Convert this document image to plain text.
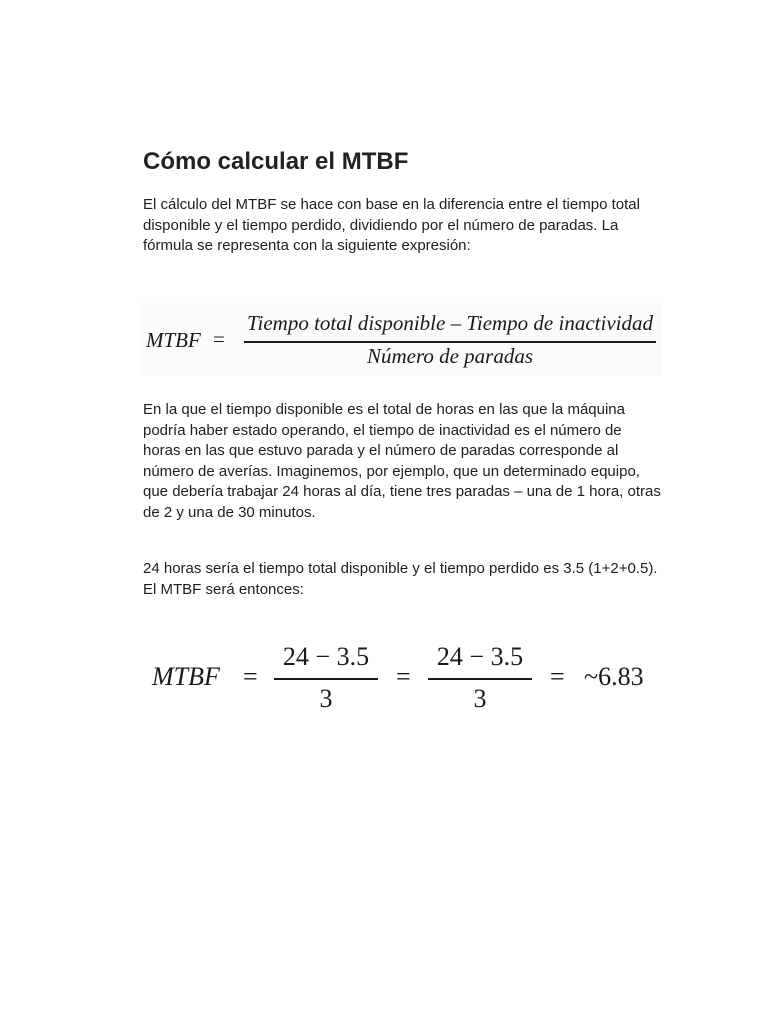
Cómo calcular el MTBF

El cálculo del MTBF se hace con base en la diferencia entre el tiempo total disponible y el tiempo perdido, dividiendo por el número de paradas. La fórmula se representa con la siguiente expresión:

MTBF =
Tiempo total disponible – Tiempo de inactividad
Número de paradas

En la que el tiempo disponible es el total de horas en las que la máquina podría haber estado operando, el tiempo de inactividad es el número de horas en las que estuvo parada y el número de paradas corresponde al número de averías. Imaginemos, por ejemplo, que un determinado equipo, que debería trabajar 24 horas al día, tiene tres paradas – una de 1 hora, otras de 2 y una de 30 minutos.

24 horas sería el tiempo total disponible y el tiempo perdido es 3.5 (1+2+0.5). El MTBF será entonces:

MTBF =
24 − 3.5
3
=
24 − 3.5
3
= ~6.83
